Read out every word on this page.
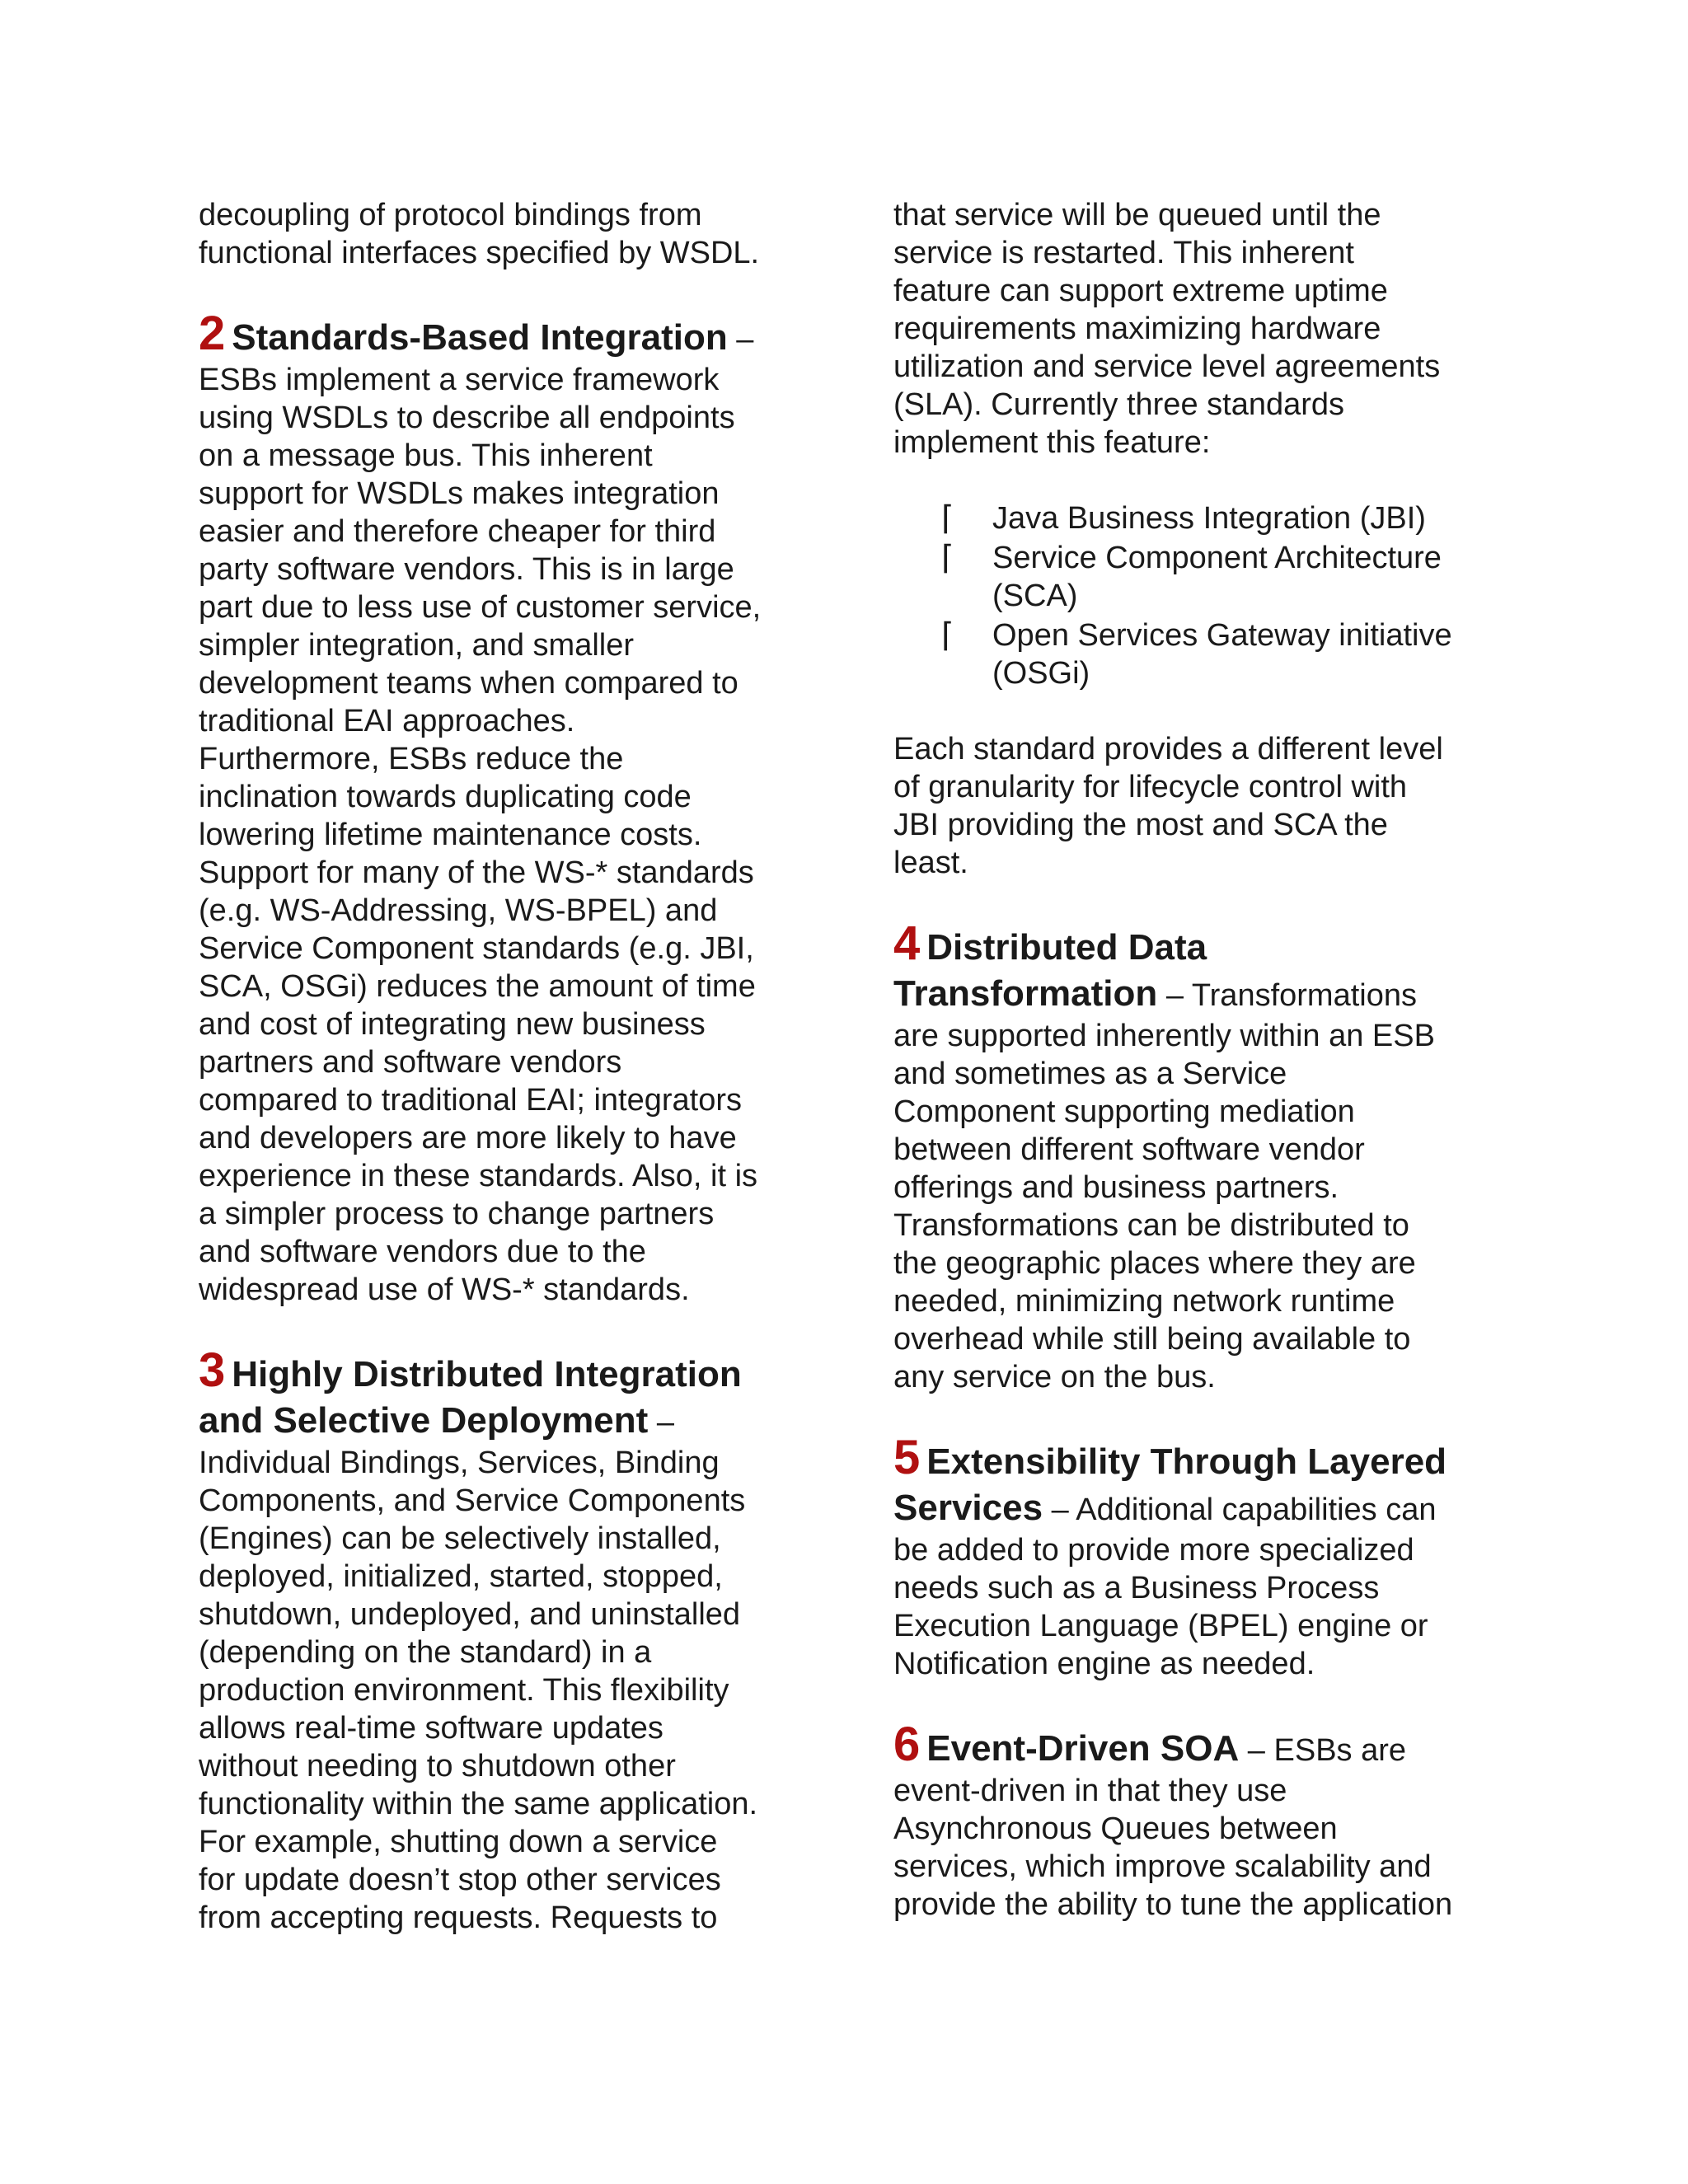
decoupling of protocol bindings from
functional interfaces specified by WSDL.

2 Standards-Based Integration –

ESBs implement a service framework
using WSDLs to describe all endpoints
on a message bus. This inherent
support for WSDLs makes integration
easier and therefore cheaper for third
party software vendors. This is in large
part due to less use of customer service,
simpler integration, and smaller
development teams when compared to
traditional EAI approaches.
Furthermore, ESBs reduce the
inclination towards duplicating code
lowering lifetime maintenance costs.
Support for many of the WS-* standards
(e.g. WS-Addressing, WS-BPEL) and
Service Component standards (e.g. JBI,
SCA, OSGi) reduces the amount of time
and cost of integrating new business
partners and software vendors
compared to traditional EAI; integrators
and developers are more likely to have
experience in these standards. Also, it is
a simpler process to change partners
and software vendors due to the
widespread use of WS-* standards.

3 Highly Distributed Integration
and Selective Deployment –

Individual Bindings, Services, Binding
Components, and Service Components
(Engines) can be selectively installed,
deployed, initialized, started, stopped,
shutdown, undeployed, and uninstalled
(depending on the standard) in a
production environment. This flexibility
allows real-time software updates
without needing to shutdown other
functionality within the same application.
For example, shutting down a service
for update doesn’t stop other services
from accepting requests. Requests to

that service will be queued until the
service is restarted. This inherent
feature can support extreme uptime
requirements maximizing hardware
utilization and service level agreements
(SLA). Currently three standards
implement this feature:

⌈ Java Business Integration (JBI)
⌈ Service Component Architecture
(SCA)
⌈ Open Services Gateway initiative
(OSGi)

Each standard provides a different level
of granularity for lifecycle control with
JBI providing the most and SCA the
least.

4 Distributed Data
Transformation – Transformations

are supported inherently within an ESB
and sometimes as a Service
Component supporting mediation
between different software vendor
offerings and business partners.
Transformations can be distributed to
the geographic places where they are
needed, minimizing network runtime
overhead while still being available to
any service on the bus.

5 Extensibility Through Layered
Services – Additional capabilities can

be added to provide more specialized
needs such as a Business Process
Execution Language (BPEL) engine or
Notification engine as needed.

6 Event-Driven SOA – ESBs are

event-driven in that they use
Asynchronous Queues between
services, which improve scalability and
provide the ability to tune the application
